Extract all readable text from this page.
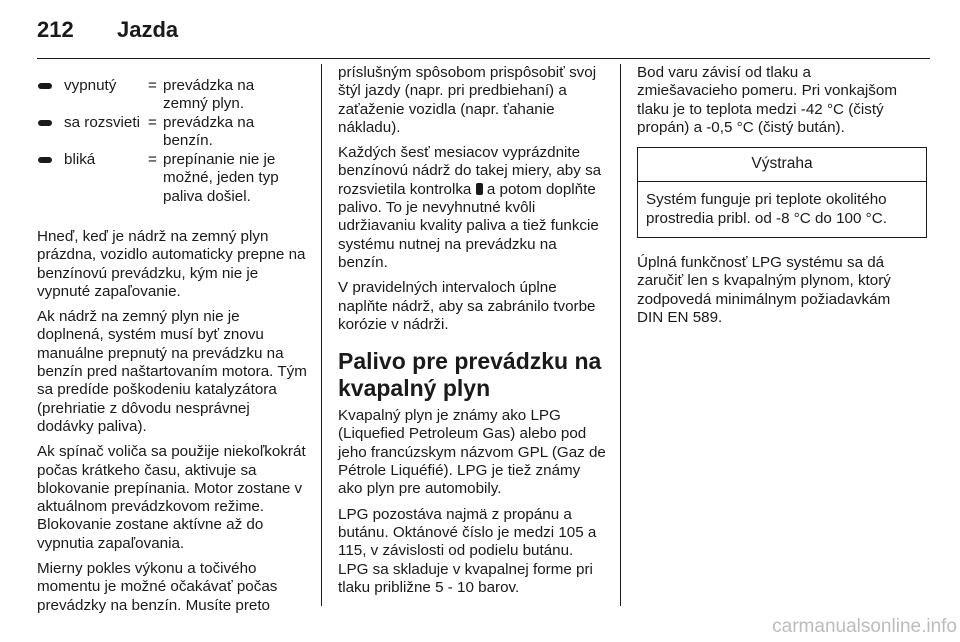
212 Jazda
vypnutý = prevádzka na zemný plyn.
sa rozsvieti = prevádzka na benzín.
bliká	= prepínanie nie je možné, jeden typ paliva došiel.

Hneď, keď je nádrž na zemný plyn prázdna, vozidlo automaticky prepne na benzínovú prevádzku, kým nie je vypnuté zapaľovanie.

Ak nádrž na zemný plyn nie je doplnená, systém musí byť znovu manuálne prepnutý na prevádzku na benzín pred naštartovaním motora. Tým sa predíde poškodeniu katalyzátora (prehriatie z dôvodu nesprávnej dodávky paliva).

Ak spínač voliča sa použije niekoľkokrát počas krátkeho času, aktivuje sa blokovanie prepínania. Motor zostane v aktuálnom prevádzkovom režime. Blokovanie zostane aktívne až do vypnutia zapaľovania.

Mierny pokles výkonu a točivého momentu je možné očakávať počas prevádzky na benzín. Musíte preto

príslušným spôsobom prispôsobiť svoj štýl jazdy (napr. pri predbiehaní) a zaťaženie vozidla (napr. ťahanie nákladu).

Každých šesť mesiacov vyprázdnite benzínovú nádrž do takej miery, aby sa rozsvietila kontrolka a potom doplňte palivo. To je nevyhnutné kvôli udržiavaniu kvality paliva a tiež funkcie systému nutnej na prevádzku na benzín.

V pravidelných intervaloch úplne naplňte nádrž, aby sa zabránilo tvorbe korózie v nádrži.

Palivo pre prevádzku na kvapalný plyn

Kvapalný plyn je známy ako LPG (Liquefied Petroleum Gas) alebo pod jeho francúzskym názvom GPL (Gaz de Pétrole Liquéfié). LPG je tiež známy ako plyn pre automobily.

LPG pozostáva najmä z propánu a butánu. Oktánové číslo je medzi 105 a 115, v závislosti od podielu butánu. LPG sa skladuje v kvapalnej forme pri tlaku približne 5 - 10 barov.

Bod varu závisí od tlaku a zmiešavacieho pomeru. Pri vonkajšom tlaku je to teplota medzi -42 °C (čistý propán) a -0,5 °C (čistý bután).

Výstraha
Systém funguje pri teplote okolitého prostredia pribl. od -8 °C do 100 °C.

Úplná funkčnosť LPG systému sa dá zaručiť len s kvapalným plynom, ktorý zodpovedá minimálnym požiadavkám DIN EN 589.

carmanualsonline.info
